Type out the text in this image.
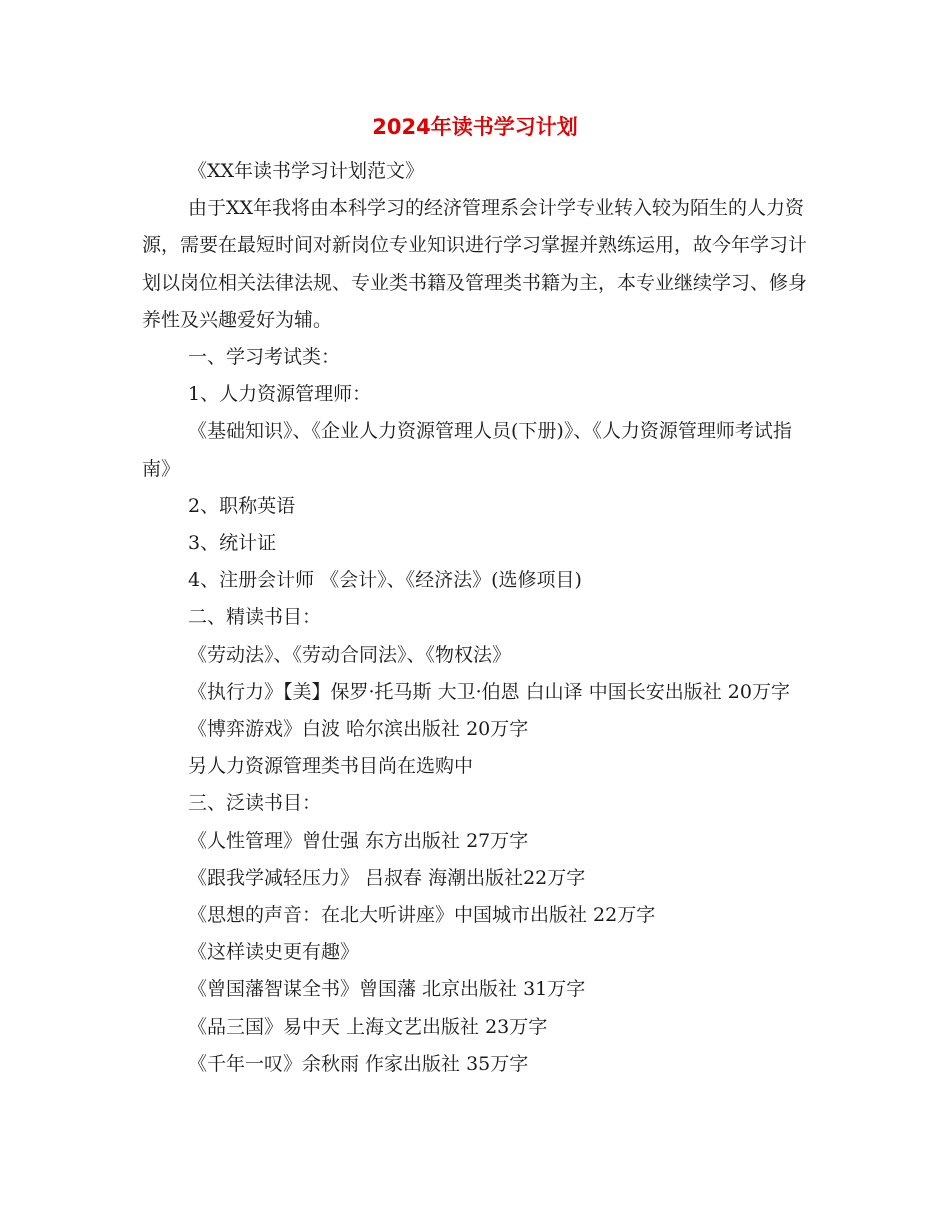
2024年读书学习计划

《XX年读书学习计划范文》

由于XX年我将由本科学习的经济管理系会计学专业转入较为陌生的人力资源，需要在最短时间对新岗位专业知识进行学习掌握并熟练运用，故今年学习计划以岗位相关法律法规、专业类书籍及管理类书籍为主，本专业继续学习、修身养性及兴趣爱好为辅。

一、学习考试类：

1、人力资源管理师：

《基础知识》、《企业人力资源管理人员(下册)》、《人力资源管理师考试指南》

2、职称英语

3、统计证

4、注册会计师 《会计》、《经济法》(选修项目)

二、精读书目：

《劳动法》、《劳动合同法》、《物权法》

《执行力》【美】保罗·托马斯 大卫·伯恩 白山译 中国长安出版社 20万字

《博弈游戏》白波 哈尔滨出版社 20万字

另人力资源管理类书目尚在选购中

三、泛读书目：

《人性管理》曾仕强 东方出版社 27万字

《跟我学减轻压力》 吕叔春 海潮出版社22万字

《思想的声音：在北大听讲座》中国城市出版社 22万字

《这样读史更有趣》

《曾国藩智谋全书》曾国藩 北京出版社 31万字

《品三国》易中天 上海文艺出版社 23万字

《千年一叹》余秋雨 作家出版社 35万字
